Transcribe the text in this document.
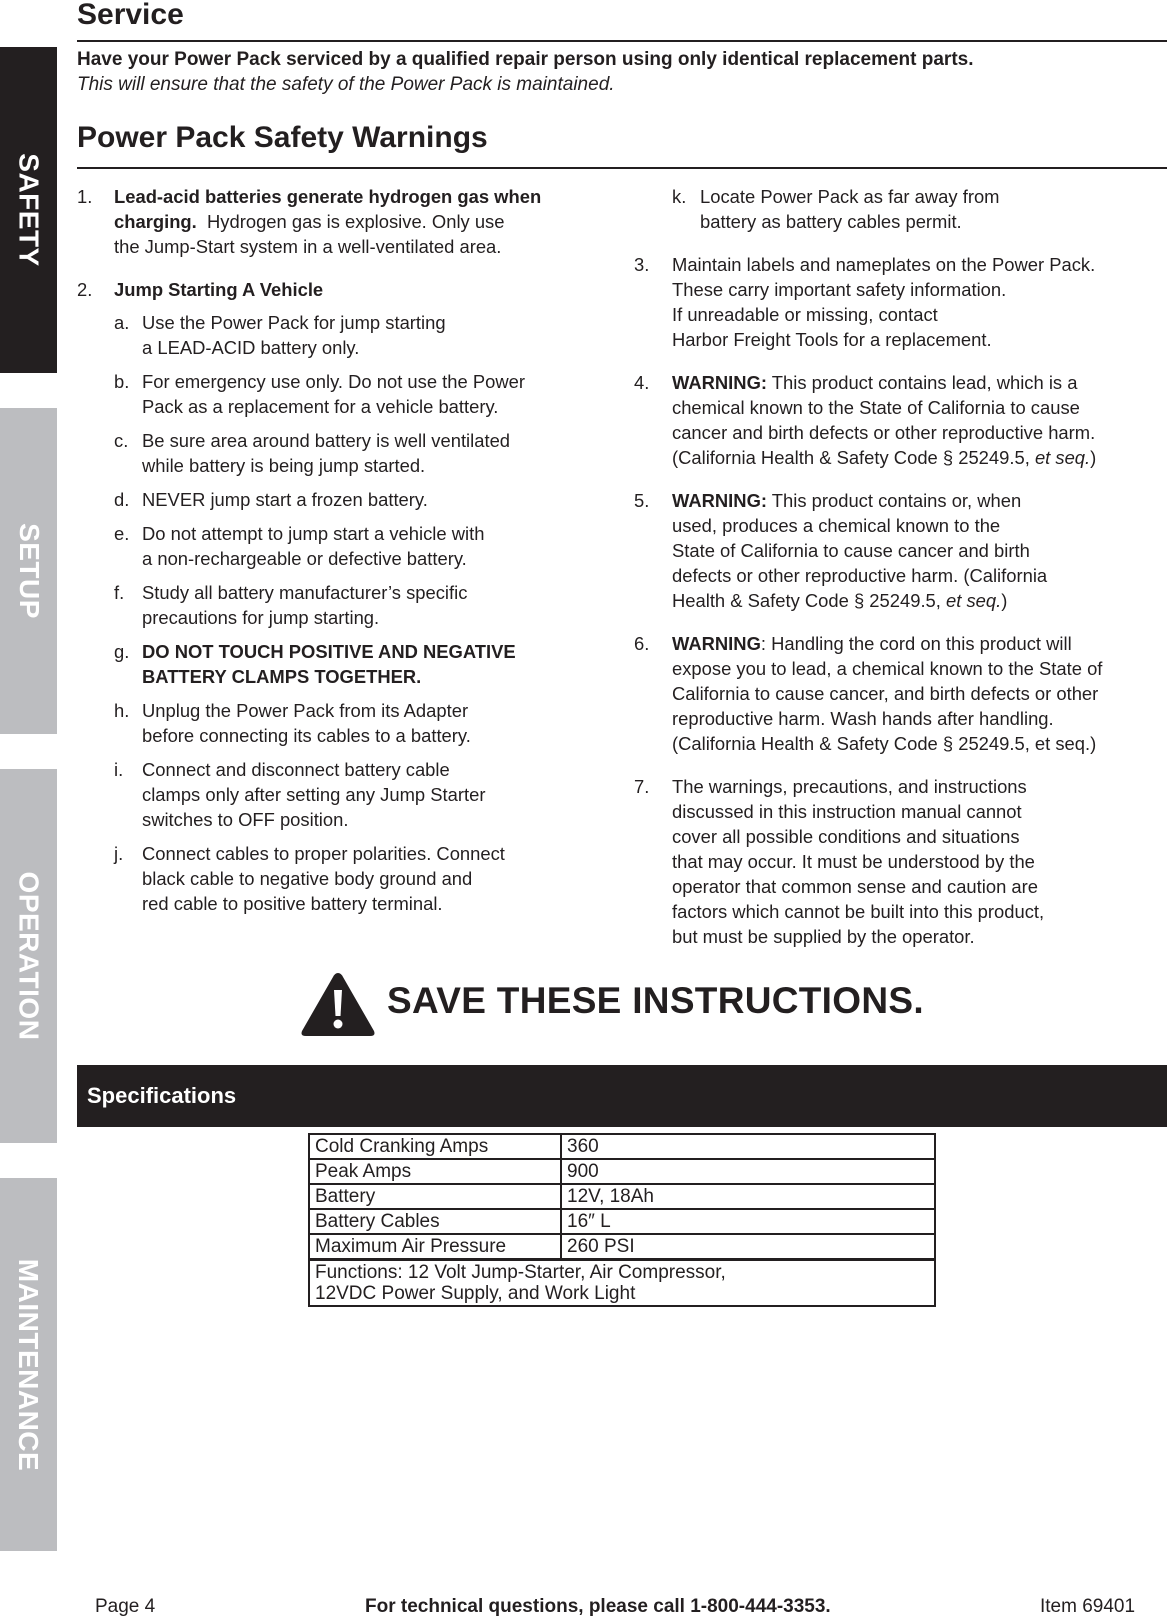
SAFETY
SETUP
OPERATION
MAINTENANCE
Service
Have your Power Pack serviced by a qualified repair person using only identical replacement parts.
This will ensure that the safety of the Power Pack is maintained.
Power Pack Safety Warnings
1. Lead-acid batteries generate hydrogen gas when
charging. Hydrogen gas is explosive. Only use
the Jump-Start system in a well-ventilated area.
2. Jump Starting A Vehicle
a. Use the Power Pack for jump starting
a LEAD-ACID battery only.
b. For emergency use only. Do not use the Power
Pack as a replacement for a vehicle battery.
c. Be sure area around battery is well ventilated
while battery is being jump started.
d. NEVER jump start a frozen battery.
e. Do not attempt to jump start a vehicle with
a non-rechargeable or defective battery.
f. Study all battery manufacturer’s specific
precautions for jump starting.
g. DO NOT TOUCH POSITIVE AND NEGATIVE
BATTERY CLAMPS TOGETHER.
h. Unplug the Power Pack from its Adapter
before connecting its cables to a battery.
i. Connect and disconnect battery cable
clamps only after setting any Jump Starter
switches to OFF position.
j. Connect cables to proper polarities. Connect
black cable to negative body ground and
red cable to positive battery terminal.
k. Locate Power Pack as far away from
battery as battery cables permit.
3. Maintain labels and nameplates on the Power Pack.
These carry important safety information.
If unreadable or missing, contact
Harbor Freight Tools for a replacement.
4. WARNING: This product contains lead, which is a
chemical known to the State of California to cause
cancer and birth defects or other reproductive harm.
(California Health & Safety Code § 25249.5, et seq.)
5. WARNING: This product contains or, when
used, produces a chemical known to the
State of California to cause cancer and birth
defects or other reproductive harm. (California
Health & Safety Code § 25249.5, et seq.)
6. WARNING: Handling the cord on this product will
expose you to lead, a chemical known to the State of
California to cause cancer, and birth defects or other
reproductive harm. Wash hands after handling.
(California Health & Safety Code § 25249.5, et seq.)
7. The warnings, precautions, and instructions
discussed in this instruction manual cannot
cover all possible conditions and situations
that may occur. It must be understood by the
operator that common sense and caution are
factors which cannot be built into this product,
but must be supplied by the operator.
SAVE THESE INSTRUCTIONS.
Specifications
Cold Cranking Amps	360
Peak Amps	900
Battery	12V, 18Ah
Battery Cables	16″ L
Maximum Air Pressure	260 PSI

Functions: 12 Volt Jump-Starter, Air Compressor,
12VDC Power Supply, and Work Light	
Page 4	For technical questions, please call 1-800-444-3353.	Item 69401
